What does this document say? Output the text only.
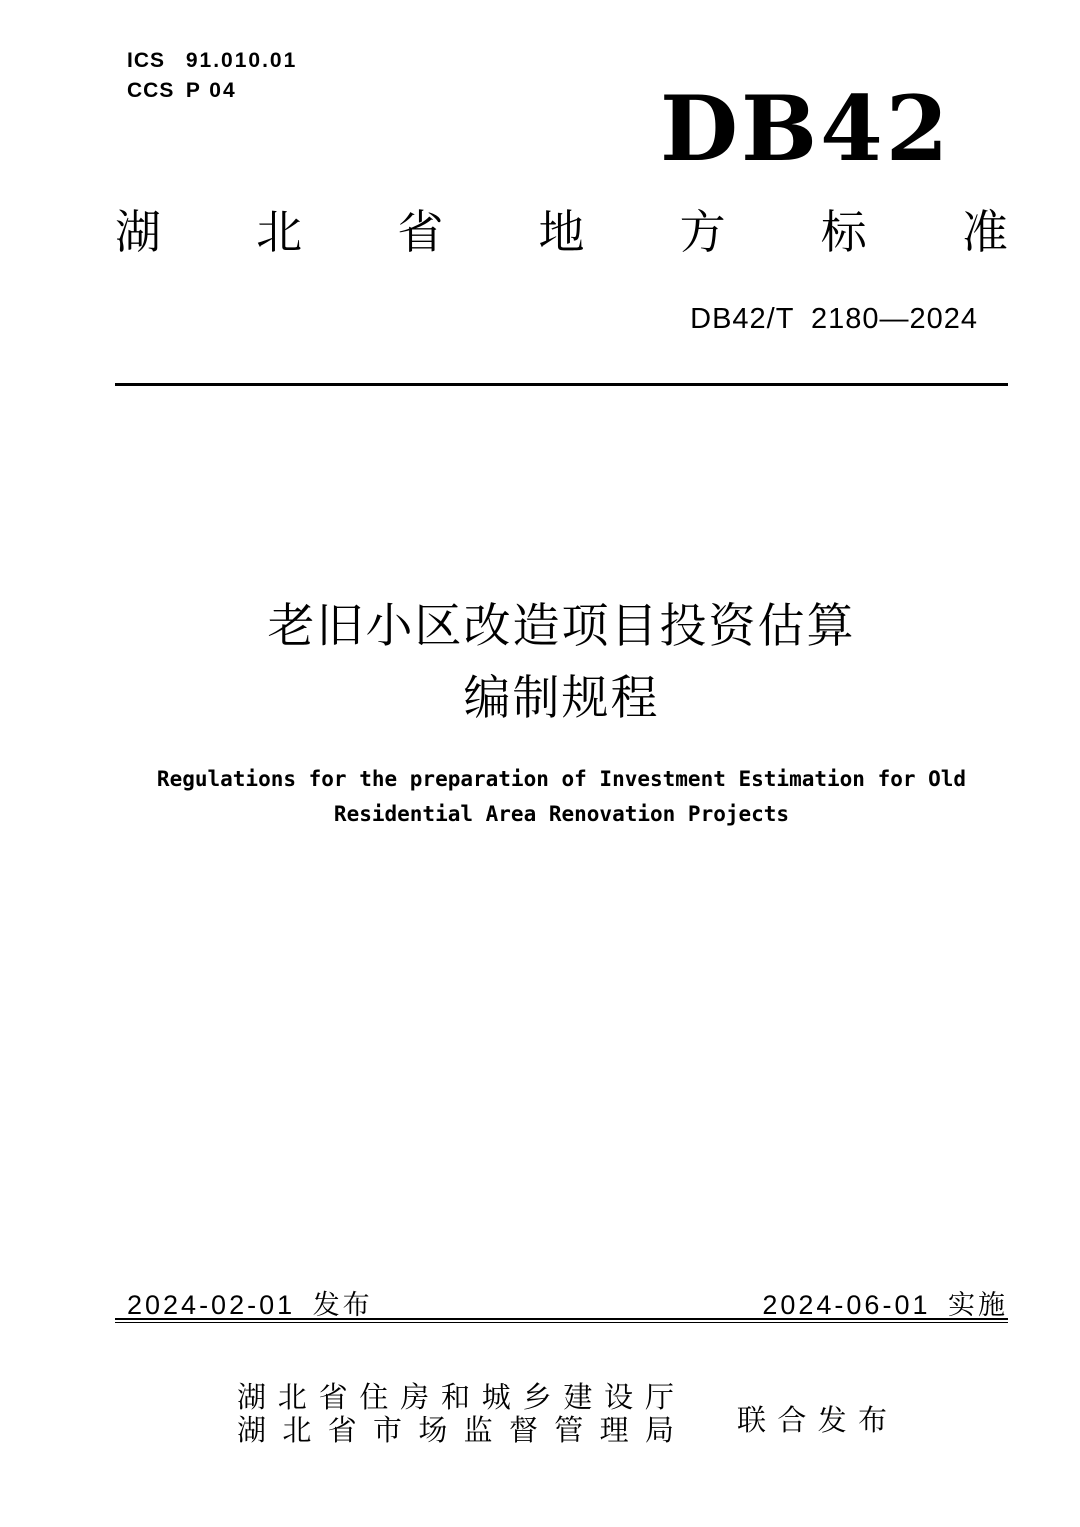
ICS 91.010.01
CCS P 04	DB42
湖 北 省 地 方 标 准
DB42/T 2180—2024
老旧小区改造项目投资估算
编制规程
Regulations for the preparation of Investment Estimation for Old
Residential Area Renovation Projects
2024-02-01 发布	2024-06-01 实施
湖 北 省 住 房 和 城 乡 建 设 厅
湖 北 省 市 场 监 督 管 理 局 联 合 发 布
